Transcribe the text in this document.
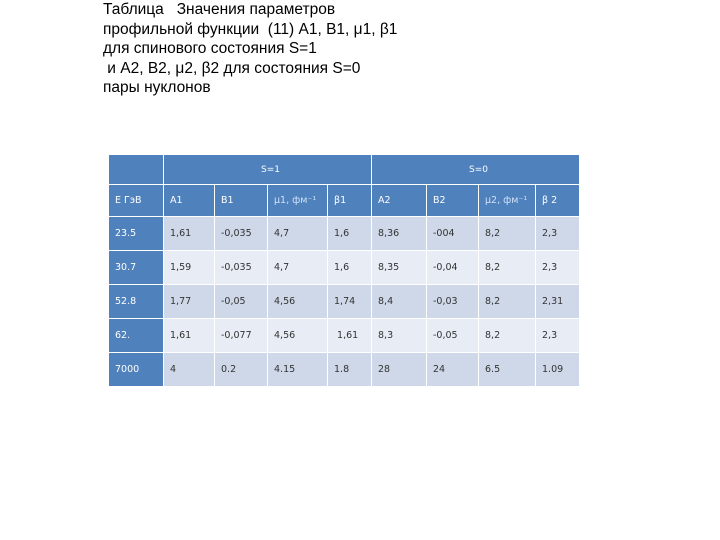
Таблица   Значения параметров
профильной функции  (11) A1, B1, μ1, β1
для спинового состояния S=1
и A2, B2, μ2, β2 для состояния S=0
пары нуклонов
	S=1				S=0			
E ГэВ	A1	B1	μ1, фм⁻¹	β1	A2	B2	μ2, фм⁻¹	β 2
23.5	1,61	-0,035	4,7	1,6	8,36	-004	8,2	2,3
30.7	1,59	-0,035	4,7	1,6	8,35	-0,04	8,2	2,3
52.8	1,77	-0,05	4,56	1,74	8,4	-0,03	8,2	2,31
62.	1,61	-0,077	4,56	1,61	8,3	-0,05	8,2	2,3
7000	4	0.2	4.15	1.8	28	24	6.5	1.09
